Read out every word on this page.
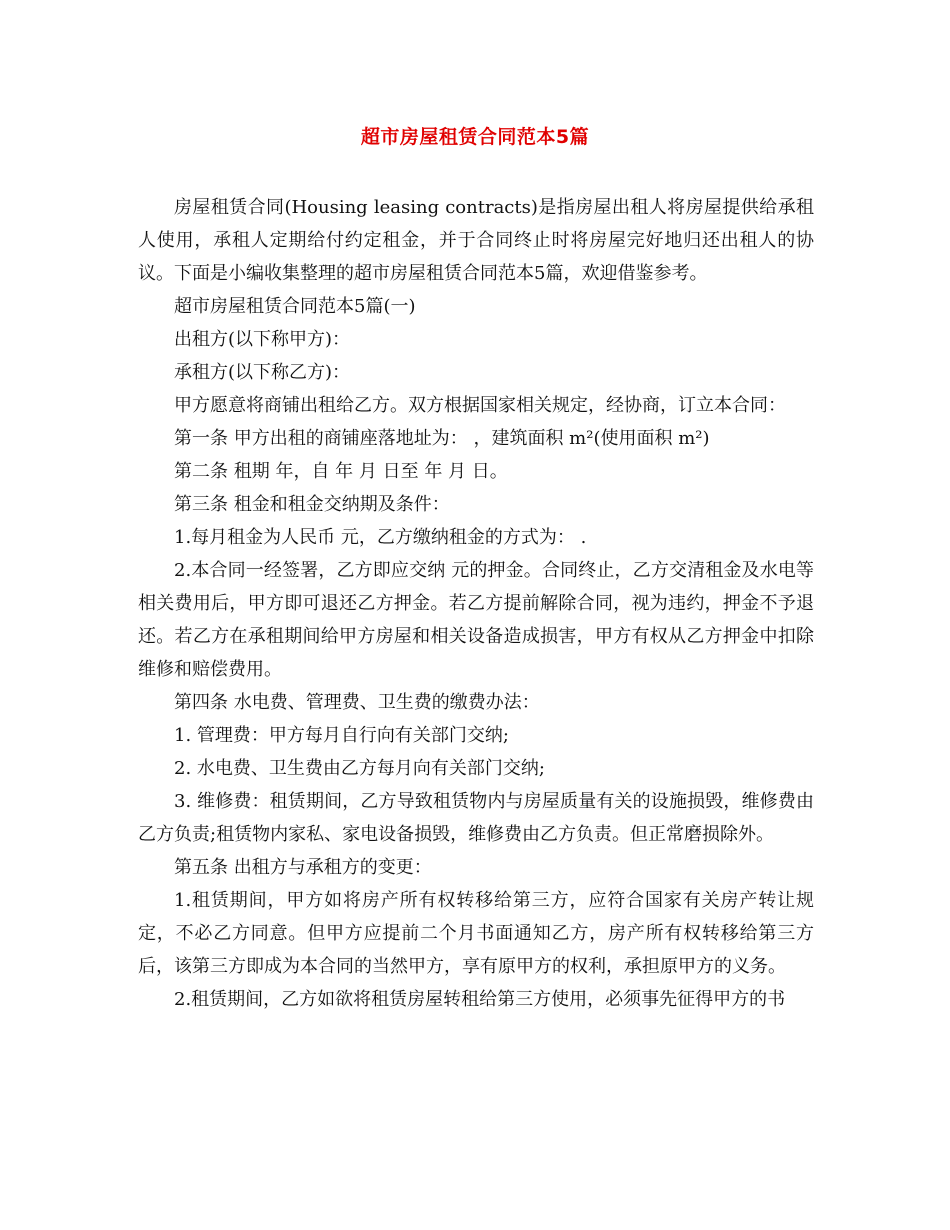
超市房屋租赁合同范本5篇

房屋租赁合同(Housing leasing contracts)是指房屋出租人将房屋提供给承租人使用，承租人定期给付约定租金，并于合同终止时将房屋完好地归还出租人的协议。下面是小编收集整理的超市房屋租赁合同范本5篇，欢迎借鉴参考。

超市房屋租赁合同范本5篇(一)

出租方(以下称甲方)：

承租方(以下称乙方)：

甲方愿意将商铺出租给乙方。双方根据国家相关规定，经协商，订立本合同：

第一条 甲方出租的商铺座落地址为： ，建筑面积 m²(使用面积 m²)

第二条 租期 年，自 年 月 日至 年 月 日。

第三条 租金和租金交纳期及条件：

1.每月租金为人民币 元，乙方缴纳租金的方式为： .

2.本合同一经签署，乙方即应交纳 元的押金。合同终止，乙方交清租金及水电等相关费用后，甲方即可退还乙方押金。若乙方提前解除合同，视为违约，押金不予退还。若乙方在承租期间给甲方房屋和相关设备造成损害，甲方有权从乙方押金中扣除维修和赔偿费用。

第四条 水电费、管理费、卫生费的缴费办法：

1. 管理费：甲方每月自行向有关部门交纳;

2. 水电费、卫生费由乙方每月向有关部门交纳;

3. 维修费：租赁期间，乙方导致租赁物内与房屋质量有关的设施损毁，维修费由乙方负责;租赁物内家私、家电设备损毁，维修费由乙方负责。但正常磨损除外。

第五条 出租方与承租方的变更：

1.租赁期间，甲方如将房产所有权转移给第三方，应符合国家有关房产转让规定，不必乙方同意。但甲方应提前二个月书面通知乙方，房产所有权转移给第三方后，该第三方即成为本合同的当然甲方，享有原甲方的权利，承担原甲方的义务。

2.租赁期间，乙方如欲将租赁房屋转租给第三方使用，必须事先征得甲方的书
